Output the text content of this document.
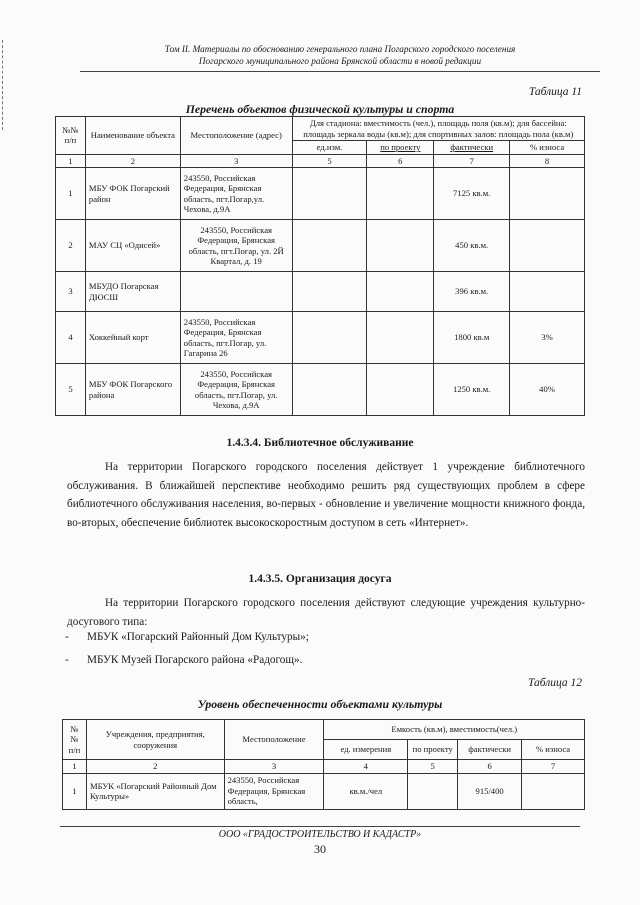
Том II. Материалы по обоснованию генерального плана Погарского городского поселения
Погарского муниципального района Брянской области в новой редакции
Таблица 11
Перечень объектов физической культуры и спорта
№№ п/п	Наименование объекта	Местоположение (адрес)	Для стадиона: вместимость (чел.), площадь поля (кв.м); для бассейна: площадь зеркала воды (кв.м); для спортивных залов: площадь пола (кв.м)			
			ед.изм.	по проекту	фактически	% износа
1	2	3	5	6	7	8
1	МБУ ФОК Погарский район	243550, Российская Федерация, Брянская область, пгт.Погар,ул. Чехова, д.9А			7125 кв.м.	
2	МАУ СЦ «Одисей»	243550, Российская Федерация, Брянская область, пгт.Погар, ул. 2Й Квартал, д. 19			450 кв.м.	
3	МБУДО Погарская ДЮСШ				396 кв.м.	
4	Хоккейный корт	243550, Российская Федерация, Брянская область, пгт.Погар, ул. Гагарина 26			1800 кв.м	3%
5	МБУ ФОК Погарского района	243550, Российская Федерация, Брянская область, пгт.Погар, ул. Чехова, д.9А			1250 кв.м.	40%
1.4.3.4. Библиотечное обслуживание
На территории Погарского городского поселения действует 1 учреждение библиотечного обслуживания. В ближайшей перспективе необходимо решить ряд существующих проблем в сфере библиотечного обслуживания населения, во-первых - обновление и увеличение мощности книжного фонда, во-вторых, обеспечение библиотек высокоскоростным доступом в сеть «Интернет».
1.4.3.5. Организация досуга
На территории Погарского городского поселения действуют следующие учреждения культурно-досугового типа:
- МБУК «Погарский Районный Дом Культуры»;
- МБУК Музей Погарского района «Радогощ».
Таблица 12
Уровень обеспеченности объектами культуры
№ № п/п	Учреждения, предприятия, сооружения	Местоположение	Емкость (кв.м), вместимость(чел.)			
			ед. измерения	по проекту	фактически	% износа
1	2	3	4	5	6	7
1	МБУК «Погарский Районный Дом Культуры»	243550, Российская Федерация, Брянская область,	кв.м./чел		915/400	
ООО «ГРАДОСТРОИТЕЛЬСТВО И КАДАСТР»
30
